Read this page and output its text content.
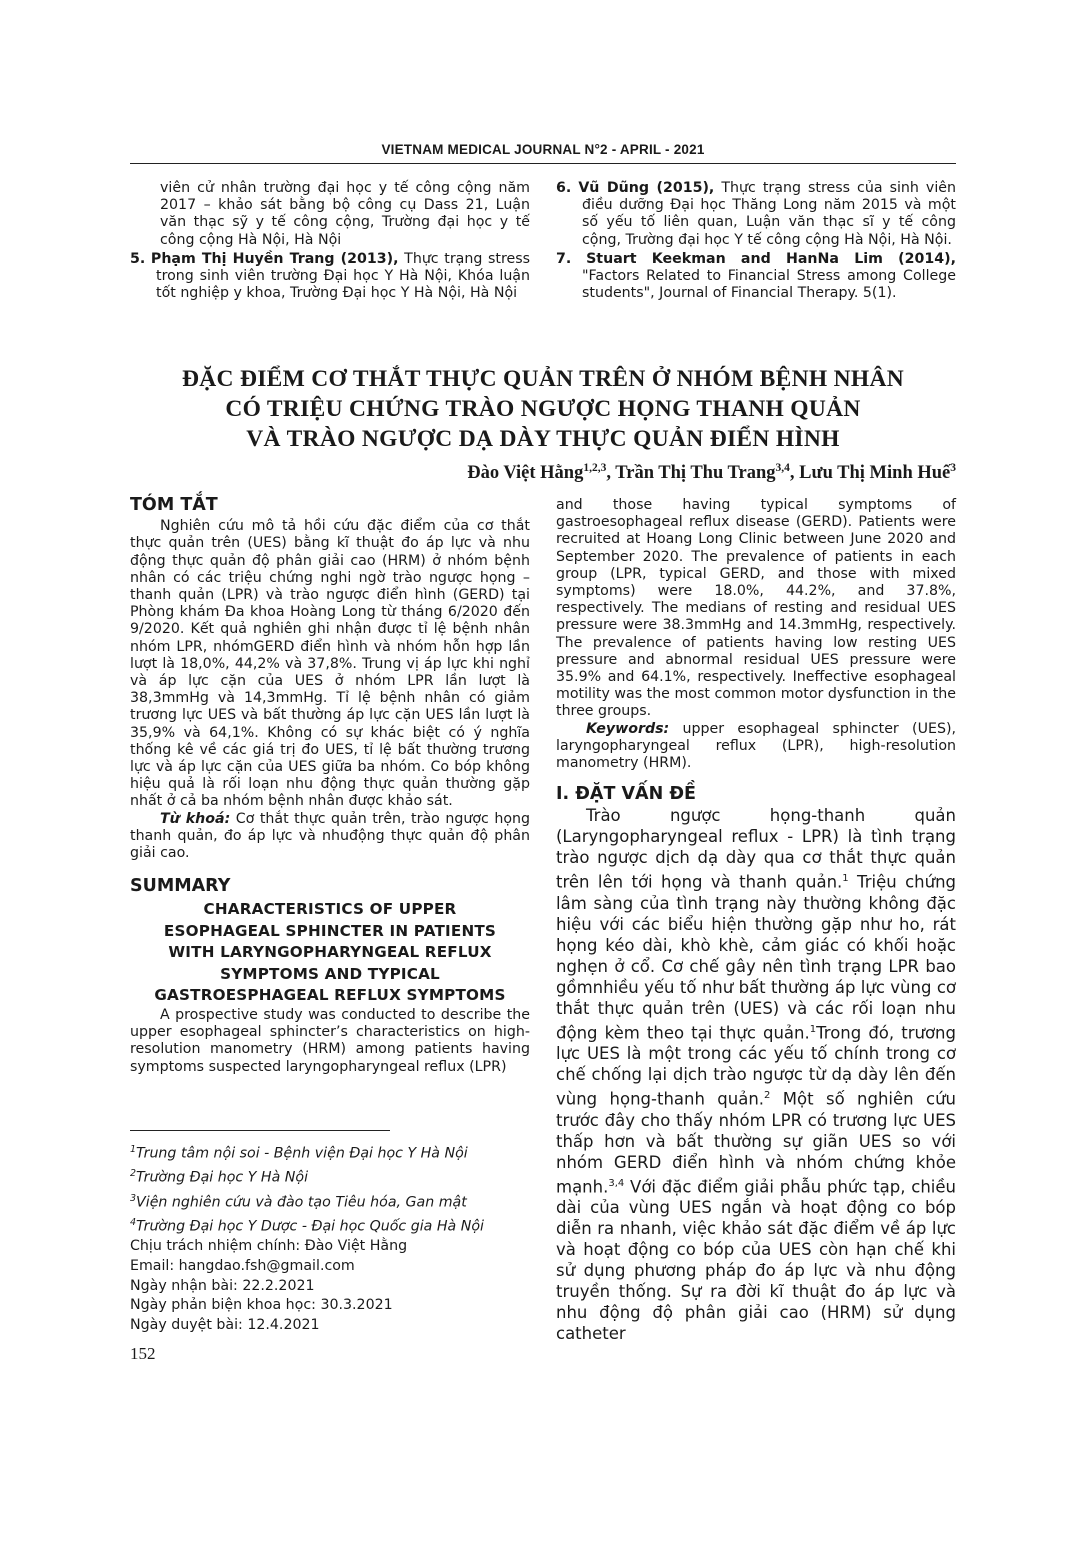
VIETNAM MEDICAL JOURNAL N°2 - APRIL - 2021

viên cử nhân trường đại học y tế công cộng năm 2017 – khảo sát bằng bộ công cụ Dass 21, Luận văn thạc sỹ y tế công cộng, Trường đại học y tế công cộng Hà Nội, Hà Nội

5. Phạm Thị Huyền Trang (2013), Thực trạng stress trong sinh viên trường Đại học Y Hà Nội, Khóa luận tốt nghiệp y khoa, Trường Đại học Y Hà Nội, Hà Nội

6. Vũ Dũng (2015), Thực trạng stress của sinh viên điều dưỡng Đại học Thăng Long năm 2015 và một số yếu tố liên quan, Luận văn thạc sĩ y tế công cộng, Trường đại học Y tế công cộng Hà Nội, Hà Nội.

7. Stuart Keekman and HanNa Lim (2014), "Factors Related to Financial Stress among College students", Journal of Financial Therapy. 5(1).

ĐẶC ĐIỂM CƠ THẮT THỰC QUẢN TRÊN Ở NHÓM BỆNH NHÂN
CÓ TRIỆU CHỨNG TRÀO NGƯỢC HỌNG THANH QUẢN
VÀ TRÀO NGƯỢC DẠ DÀY THỰC QUẢN ĐIỂN HÌNH
Đào Việt Hằng$^{1,2,3}$, Trần Thị Thu Trang$^{3,4}$, Lưu Thị Minh Huế$^3$
TÓM TẮT

Nghiên cứu mô tả hồi cứu đặc điểm của cơ thắt thực quản trên (UES) bằng kĩ thuật đo áp lực và nhu động thực quản độ phân giải cao (HRM) ở nhóm bệnh nhân có các triệu chứng nghi ngờ trào ngược họng – thanh quản (LPR) và trào ngược điển hình (GERD) tại Phòng khám Đa khoa Hoàng Long từ tháng 6/2020 đến 9/2020. Kết quả nghiên ghi nhận được tỉ lệ bệnh nhân nhóm LPR, nhómGERD điển hình và nhóm hỗn hợp lần lượt là 18,0%, 44,2% và 37,8%. Trung vị áp lực khi nghỉ và áp lực cặn của UES ở nhóm LPR lần lượt là 38,3mmHg và 14,3mmHg. Tỉ lệ bệnh nhân có giảm trương lực UES và bất thường áp lực cặn UES lần lượt là 35,9% và 64,1%. Không có sự khác biệt có ý nghĩa thống kê về các giá trị đo UES, tỉ lệ bất thường trương lực và áp lực cặn của UES giữa ba nhóm. Co bóp không hiệu quả là rối loạn nhu động thực quản thường gặp nhất ở cả ba nhóm bệnh nhân được khảo sát.

Từ khoá: Cơ thắt thực quản trên, trào ngược họng thanh quản, đo áp lực và nhuđộng thực quản độ phân giải cao.

SUMMARY
CHARACTERISTICS OF UPPER
ESOPHAGEAL SPHINCTER IN PATIENTS
WITH LARYNGOPHARYNGEAL REFLUX
SYMPTOMS AND TYPICAL
GASTROESPHAGEAL REFLUX SYMPTOMS

A prospective study was conducted to describe the upper esophageal sphincter’s characteristics on high-resolution manometry (HRM) among patients having symptoms suspected laryngopharyngeal reflux (LPR)

$^1$Trung tâm nội soi - Bệnh viện Đại học Y Hà Nội
$^2$Trường Đại học Y Hà Nội
$^3$Viện nghiên cứu và đào tạo Tiêu hóa, Gan mật
$^4$Trường Đại học Y Dược - Đại học Quốc gia Hà Nội
Chịu trách nhiệm chính: Đào Việt Hằng
Email: hangdao.fsh@gmail.com
Ngày nhận bài: 22.2.2021
Ngày phản biện khoa học: 30.3.2021
Ngày duyệt bài: 12.4.2021

and those having typical symptoms of gastroesophageal reflux disease (GERD). Patients were recruited at Hoang Long Clinic between June 2020 and September 2020. The prevalence of patients in each group (LPR, typical GERD, and those with mixed symptoms) were 18.0%, 44.2%, and 37.8%, respectively. The medians of resting and residual UES pressure were 38.3mmHg and 14.3mmHg, respectively. The prevalence of patients having low resting UES pressure and abnormal residual UES pressure were 35.9% and 64.1%, respectively. Ineffective esophageal motility was the most common motor dysfunction in the three groups.

Keywords: upper esophageal sphincter (UES), laryngopharyngeal reflux (LPR), high-resolution manometry (HRM).

I. ĐẶT VẤN ĐỀ

Trào ngược họng-thanh quản (Laryngopharyngeal reflux - LPR) là tình trạng trào ngược dịch dạ dày qua cơ thắt thực quản trên lên tới họng và thanh quản.$^1$ Triệu chứng lâm sàng của tình trạng này thường không đặc hiệu với các biểu hiện thường gặp như ho, rát họng kéo dài, khò khè, cảm giác có khối hoặc nghẹn ở cổ. Cơ chế gây nên tình trạng LPR bao gồmnhiều yếu tố như bất thường áp lực vùng cơ thắt thực quản trên (UES) và các rối loạn nhu động kèm theo tại thực quản.$^1$Trong đó, trương lực UES là một trong các yếu tố chính trong cơ chế chống lại dịch trào ngược từ dạ dày lên đến vùng họng-thanh quản.$^2$ Một số nghiên cứu trước đây cho thấy nhóm LPR có trương lực UES thấp hơn và bất thường sự giãn UES so với nhóm GERD điển hình và nhóm chứng khỏe mạnh.$^{3,4}$ Với đặc điểm giải phẫu phức tạp, chiều dài của vùng UES ngắn và hoạt động co bóp diễn ra nhanh, việc khảo sát đặc điểm về áp lực và hoạt động co bóp của UES còn hạn chế khi sử dụng phương pháp đo áp lực và nhu động truyền thống. Sự ra đời kĩ thuật đo áp lực và nhu động độ phân giải cao (HRM) sử dụng catheter

152
